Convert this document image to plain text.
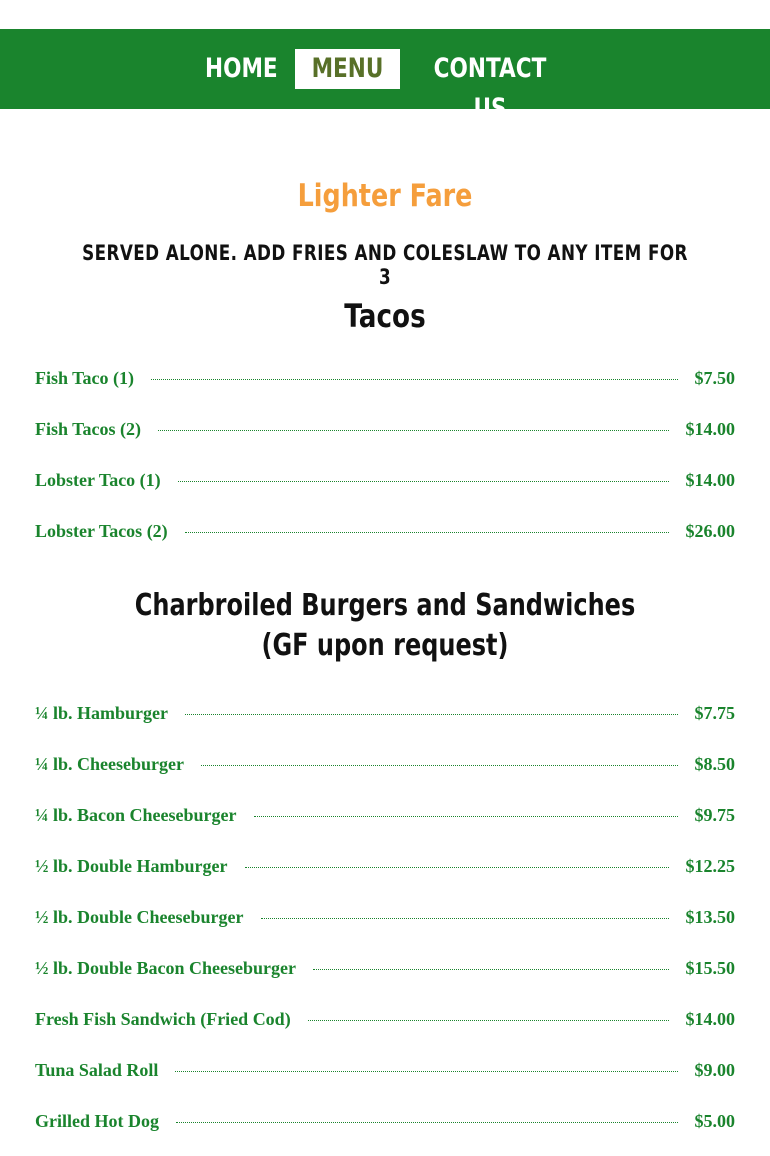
HOME MENU	CONTACT US
Lighter Fare
SERVED ALONE. ADD FRIES AND COLESLAW TO ANY ITEM FOR 3
Tacos
Fish Taco (1)	$7.50
Fish Tacos (2)	$14.00
Lobster Taco (1)	$14.00
Lobster Tacos (2)	$26.00
Charbroiled Burgers and Sandwiches
(GF upon request)
¼ lb. Hamburger	$7.75
¼ lb. Cheeseburger	$8.50
¼ lb. Bacon Cheeseburger	$9.75
½ lb. Double Hamburger	$12.25
½ lb. Double Cheeseburger	$13.50
½ lb. Double Bacon Cheeseburger	$15.50
Fresh Fish Sandwich (Fried Cod)	$14.00
Tuna Salad Roll	$9.00
Grilled Hot Dog	$5.00
